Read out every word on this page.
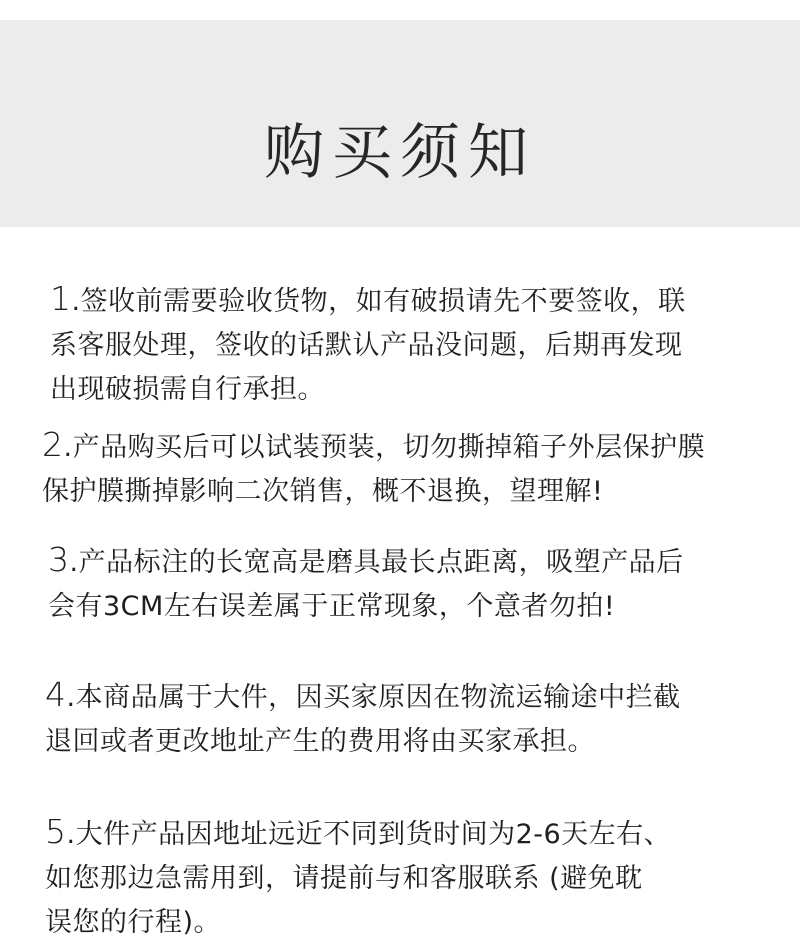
购买须知
1.签收前需要验收货物，如有破损请先不要签收，联
系客服处理，签收的话默认产品没问题，后期再发现
出现破损需自行承担。
2.产品购买后可以试装预装，切勿撕掉箱子外层保护膜
保护膜撕掉影响二次销售，概不退换，望理解!
3.产品标注的长宽高是磨具最长点距离，吸塑产品后
会有3CM左右误差属于正常现象，个意者勿拍!
4.本商品属于大件，因买家原因在物流运输途中拦截
退回或者更改地址产生的费用将由买家承担。
5.大件产品因地址远近不同到货时间为2-6天左右、
如您那边急需用到，请提前与和客服联系 (避免耽
误您的行程)。
